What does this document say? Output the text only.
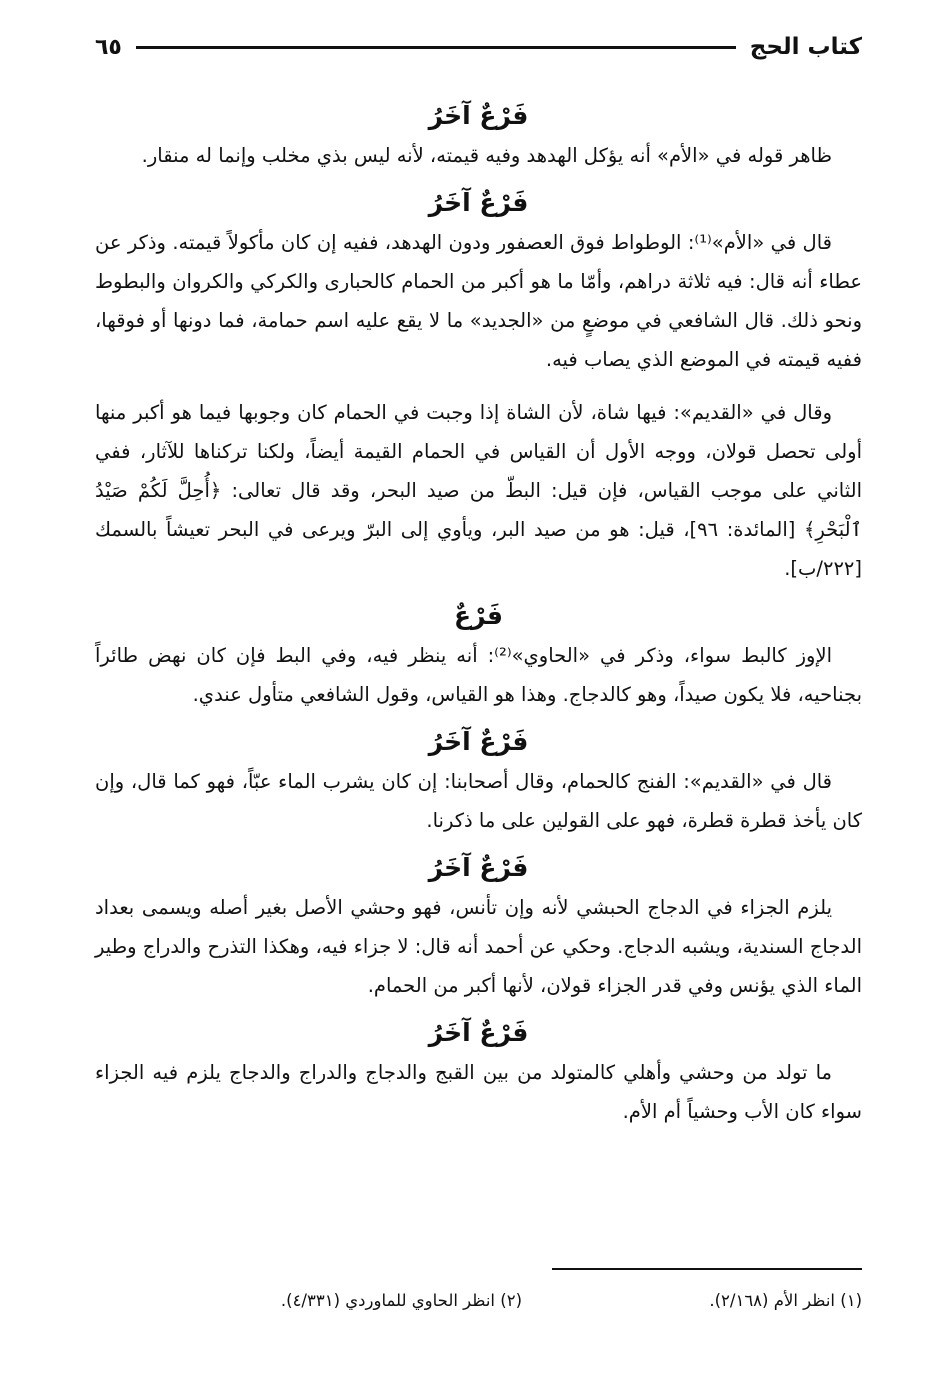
كتاب الحج
٦٥
فَرْعٌ آخَرُ

ظاهر قوله في «الأم» أنه يؤكل الهدهد وفيه قيمته، لأنه ليس بذي مخلب وإنما له منقار.

فَرْعٌ آخَرُ

قال في «الأم»⁽¹⁾: الوطواط فوق العصفور ودون الهدهد، ففيه إن كان مأكولاً قيمته. وذكر عن عطاء أنه قال: فيه ثلاثة دراهم، وأمّا ما هو أكبر من الحمام كالحبارى والكركي والكروان والبطوط ونحو ذلك. قال الشافعي في موضعٍ من «الجديد» ما لا يقع عليه اسم حمامة، فما دونها أو فوقها، ففيه قيمته في الموضع الذي يصاب فيه.

وقال في «القديم»: فيها شاة، لأن الشاة إذا وجبت في الحمام كان وجوبها فيما هو أكبر منها أولى تحصل قولان، ووجه الأول أن القياس في الحمام القيمة أيضاً، ولكنا تركناها للآثار، ففي الثاني على موجب القياس، فإن قيل: البطّ من صيد البحر، وقد قال تعالى: ﴿أُحِلَّ لَكُمْ صَيْدُ ٱلْبَحْرِ﴾ [المائدة: ٩٦]، قيل: هو من صيد البر، ويأوي إلى البرّ ويرعى في البحر تعيشاً بالسمك [٢٢٢/ب].

فَرْعٌ

الإوز كالبط سواء، وذكر في «الحاوي»⁽²⁾: أنه ينظر فيه، وفي البط فإن كان نهض طائراً بجناحيه، فلا يكون صيداً، وهو كالدجاج. وهذا هو القياس، وقول الشافعي متأول عندي.

فَرْعٌ آخَرُ

قال في «القديم»: الفنج كالحمام، وقال أصحابنا: إن كان يشرب الماء عبّاً، فهو كما قال، وإن كان يأخذ قطرة قطرة، فهو على القولين على ما ذكرنا.

فَرْعٌ آخَرُ

يلزم الجزاء في الدجاج الحبشي لأنه وإن تأنس، فهو وحشي الأصل بغير أصله ويسمى بعداد الدجاج السندية، ويشبه الدجاج. وحكي عن أحمد أنه قال: لا جزاء فيه، وهكذا التذرح والدراج وطير الماء الذي يؤنس وفي قدر الجزاء قولان، لأنها أكبر من الحمام.

فَرْعٌ آخَرُ

ما تولد من وحشي وأهلي كالمتولد من بين القبج والدجاج والدراج والدجاج يلزم فيه الجزاء سواء كان الأب وحشياً أم الأم.

(١) انظر الأم (٢/١٦٨).
(٢) انظر الحاوي للماوردي (٤/٣٣١).
